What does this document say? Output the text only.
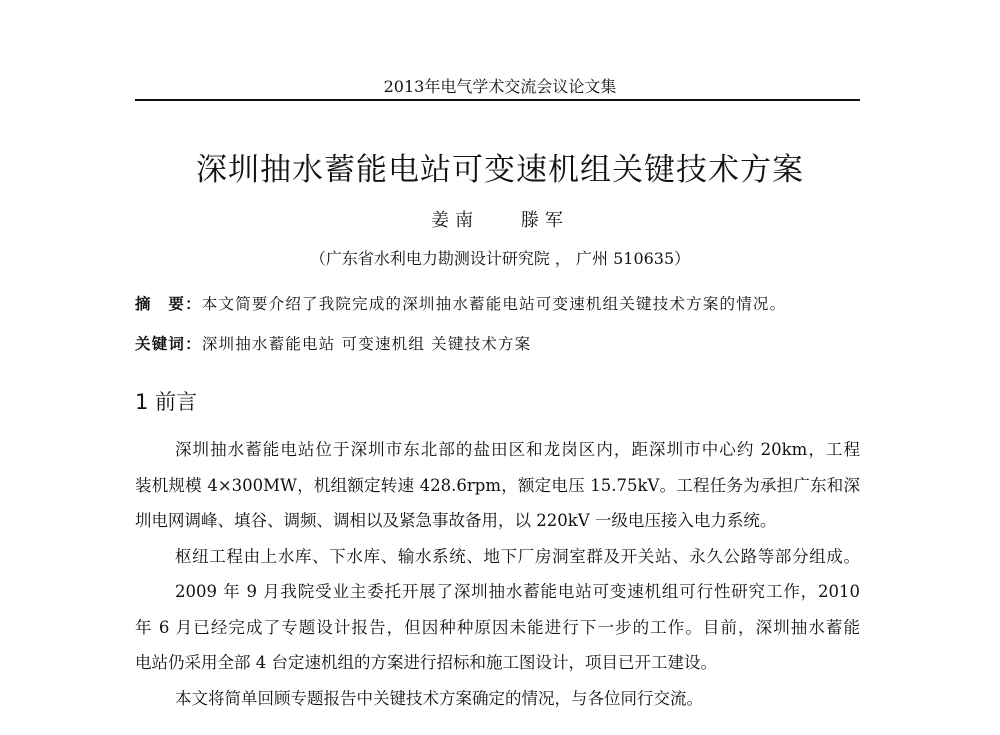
2013年电气学术交流会议论文集
深圳抽水蓄能电站可变速机组关键技术方案
姜南 滕军
（广东省水利电力勘测设计研究院 ， 广州 510635）
摘　要：本文简要介绍了我院完成的深圳抽水蓄能电站可变速机组关键技术方案的情况。
关键词：深圳抽水蓄能电站 可变速机组 关键技术方案
1 前言
深圳抽水蓄能电站位于深圳市东北部的盐田区和龙岗区内，距深圳市中心约 20km，工程
装机规模 4×300MW，机组额定转速 428.6rpm，额定电压 15.75kV。工程任务为承担广东和深
圳电网调峰、填谷、调频、调相以及紧急事故备用，以 220kV 一级电压接入电力系统。
枢纽工程由上水库、下水库、输水系统、地下厂房洞室群及开关站、永久公路等部分组成。
2009 年 9 月我院受业主委托开展了深圳抽水蓄能电站可变速机组可行性研究工作，2010
年 6 月已经完成了专题设计报告，但因种种原因未能进行下一步的工作。目前，深圳抽水蓄能
电站仍采用全部 4 台定速机组的方案进行招标和施工图设计，项目已开工建设。
本文将简单回顾专题报告中关键技术方案确定的情况，与各位同行交流。
